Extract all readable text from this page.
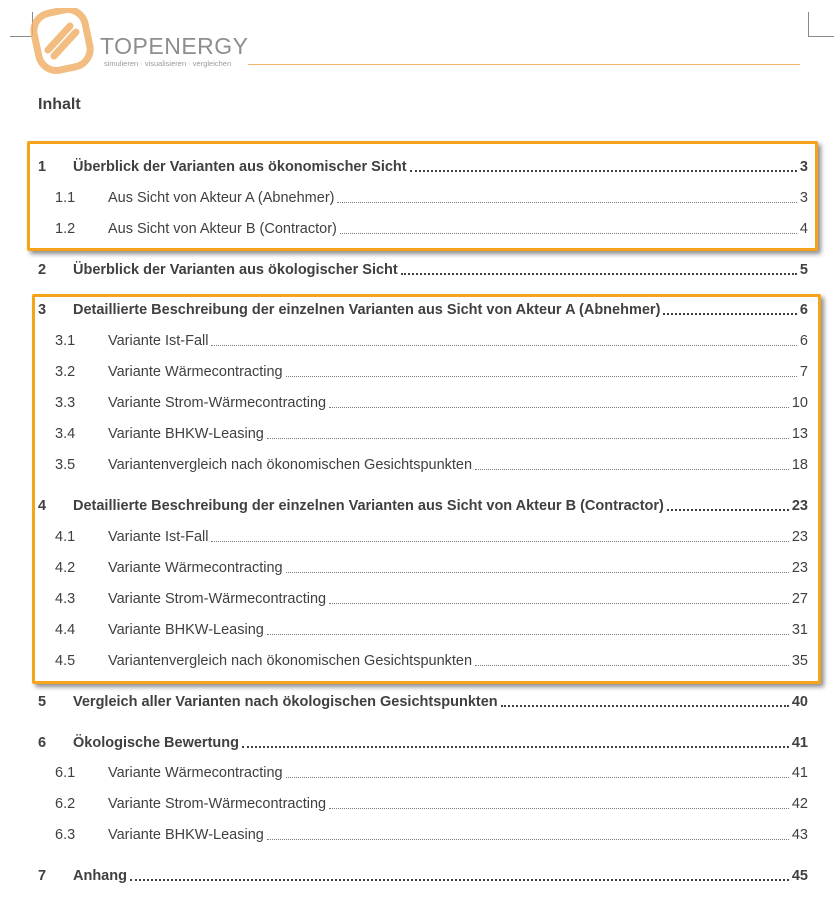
TOPENERGY
simulieren · visualisieren · vergleichen
Inhalt
1	Überblick der Varianten aus ökonomischer Sicht	3
1.1	Aus Sicht von Akteur A (Abnehmer)	3
1.2	Aus Sicht von Akteur B (Contractor)	4
2	Überblick der Varianten aus ökologischer Sicht	5
3	Detaillierte Beschreibung der einzelnen Varianten aus Sicht von Akteur A (Abnehmer)	6
3.1	Variante Ist-Fall	6
3.2	Variante Wärmecontracting	7
3.3	Variante Strom-Wärmecontracting	10
3.4	Variante BHKW-Leasing	13
3.5	Variantenvergleich nach ökonomischen Gesichtspunkten	18
4	Detaillierte Beschreibung der einzelnen Varianten aus Sicht von Akteur B (Contractor)	23
4.1	Variante Ist-Fall	23
4.2	Variante Wärmecontracting	23
4.3	Variante Strom-Wärmecontracting	27
4.4	Variante BHKW-Leasing	31
4.5	Variantenvergleich nach ökonomischen Gesichtspunkten	35
5	Vergleich aller Varianten nach ökologischen Gesichtspunkten	40
6	Ökologische Bewertung	41
6.1	Variante Wärmecontracting	41
6.2	Variante Strom-Wärmecontracting	42
6.3	Variante BHKW-Leasing	43
7	Anhang	45
